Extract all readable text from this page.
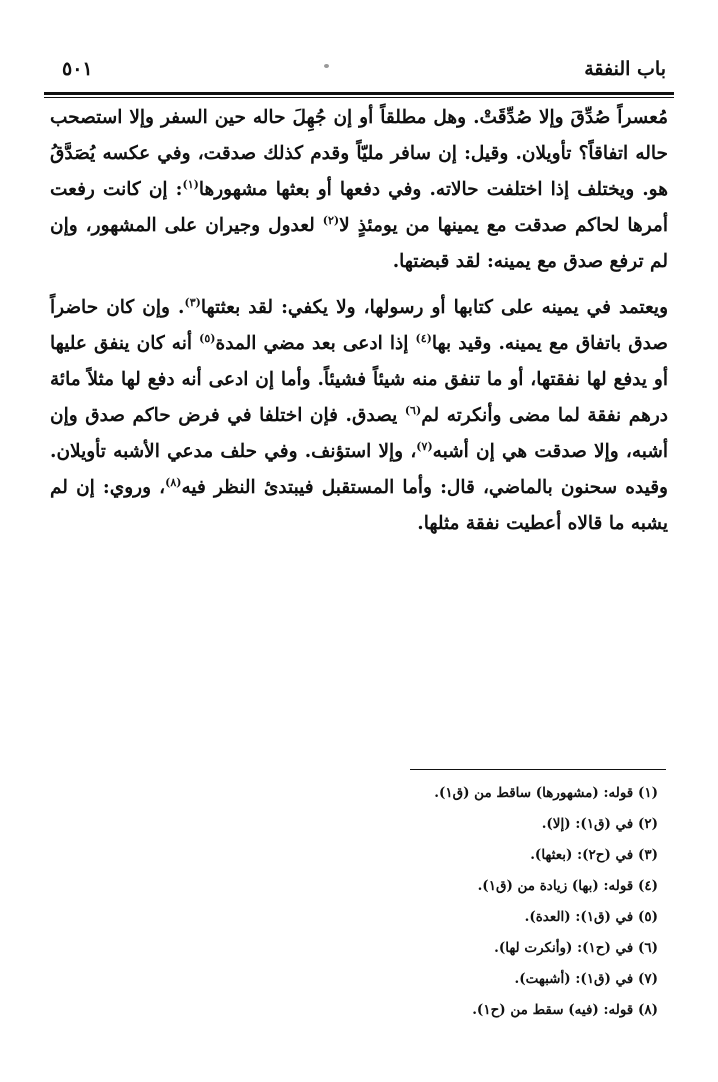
باب النفقة
٥٠١

مُعسراً صُدِّقَ وإلا صُدِّقَتْ. وهل مطلقاً أو إن جُهِلَ حاله حين السفر وإلا استصحب حاله اتفاقاً؟ تأويلان. وقيل: إن سافر مليّاً وقدم كذلك صدقت، وفي عكسه يُصَدَّقُ هو. ويختلف إذا اختلفت حالاته. وفي دفعها أو بعثها مشهورها$^{(١)}$: إن كانت رفعت أمرها لحاكم صدقت مع يمينها من يومئذٍ لا$^{(٢)}$ لعدول وجيران على المشهور، وإن لم ترفع صدق مع يمينه: لقد قبضتها.

ويعتمد في يمينه على كتابها أو رسولها، ولا يكفي: لقد بعثتها$^{(٣)}$. وإن كان حاضراً صدق باتفاق مع يمينه. وقيد بها$^{(٤)}$ إذا ادعى بعد مضي المدة$^{(٥)}$ أنه كان ينفق عليها أو يدفع لها نفقتها، أو ما تنفق منه شيئاً فشيئاً. وأما إن ادعى أنه دفع لها مثلاً مائة درهم نفقة لما مضى وأنكرته لم$^{(٦)}$ يصدق. فإن اختلفا في فرض حاكم صدق وإن أشبه، وإلا صدقت هي إن أشبه$^{(٧)}$، وإلا استؤنف. وفي حلف مدعي الأشبه تأويلان. وقيده سحنون بالماضي، قال: وأما المستقبل فيبتدئ النظر فيه$^{(٨)}$، وروي: إن لم يشبه ما قالاه أعطيت نفقة مثلها.

(١) قوله: (مشهورها) ساقط من (ق١).
(٢) في (ق١): (إلا).
(٣) في (ح٢): (بعثها).
(٤) قوله: (بها) زيادة من (ق١).
(٥) في (ق١): (العدة).
(٦) في (ح١): (وأنكرت لها).
(٧) في (ق١): (أشبهت).
(٨) قوله: (فيه) سقط من (ح١).
